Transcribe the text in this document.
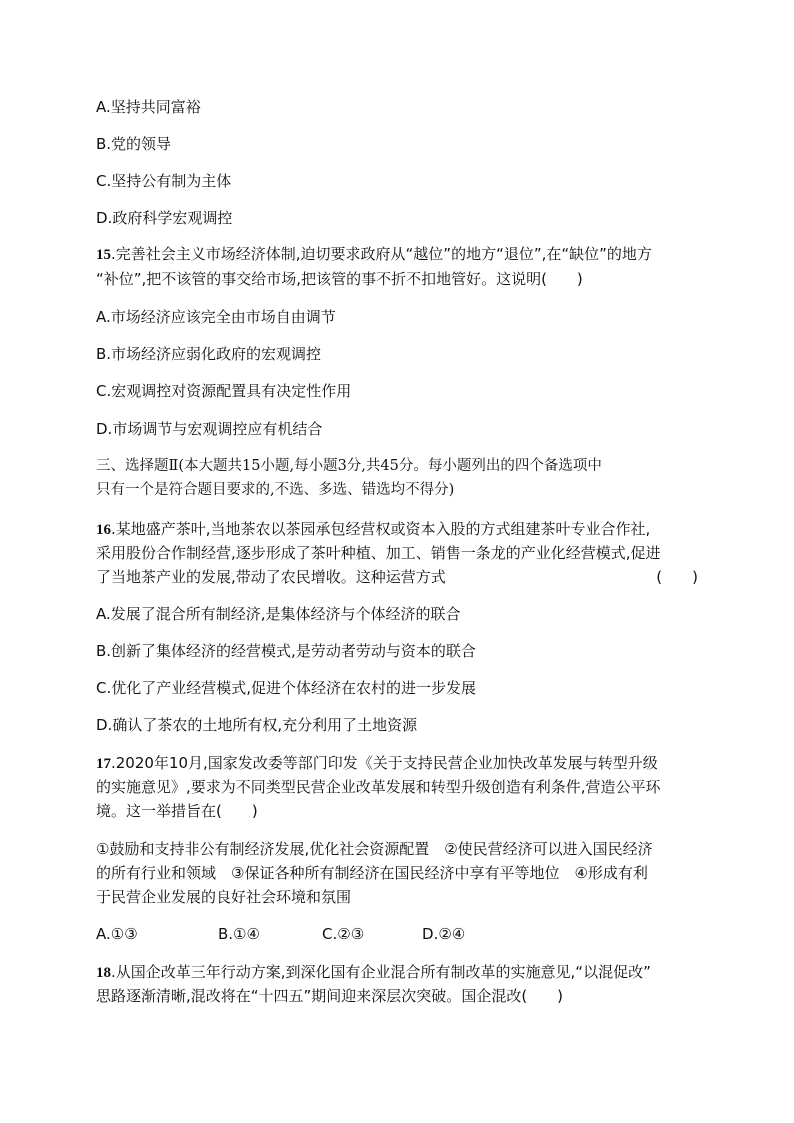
A.坚持共同富裕
B.党的领导
C.坚持公有制为主体
D.政府科学宏观调控
15.完善社会主义市场经济体制,迫切要求政府从“越位”的地方“退位”,在“缺位”的地方
“补位”,把不该管的事交给市场,把该管的事不折不扣地管好。这说明(　　)
A.市场经济应该完全由市场自由调节
B.市场经济应弱化政府的宏观调控
C.宏观调控对资源配置具有决定性作用
D.市场调节与宏观调控应有机结合
三、选择题Ⅱ(本大题共15小题,每小题3分,共45分。每小题列出的四个备选项中
只有一个是符合题目要求的,不选、多选、错选均不得分)
16.某地盛产茶叶,当地茶农以茶园承包经营权或资本入股的方式组建茶叶专业合作社,
采用股份合作制经营,逐步形成了茶叶种植、加工、销售一条龙的产业化经营模式,促进
了当地茶产业的发展,带动了农民增收。这种运营方式	(　　)
A.发展了混合所有制经济,是集体经济与个体经济的联合
B.创新了集体经济的经营模式,是劳动者劳动与资本的联合
C.优化了产业经营模式,促进个体经济在农村的进一步发展
D.确认了茶农的土地所有权,充分利用了土地资源
17.2020年10月,国家发改委等部门印发《关于支持民营企业加快改革发展与转型升级
的实施意见》,要求为不同类型民营企业改革发展和转型升级创造有利条件,营造公平环
境。这一举措旨在(　　)
①鼓励和支持非公有制经济发展,优化社会资源配置　②使民营经济可以进入国民经济
的所有行业和领域　③保证各种所有制经济在国民经济中享有平等地位　④形成有利
于民营企业发展的良好社会环境和氛围
A.①③	B.①④	C.②③	D.②④
18.从国企改革三年行动方案,到深化国有企业混合所有制改革的实施意见,“以混促改”
思路逐渐清晰,混改将在“十四五”期间迎来深层次突破。国企混改(　　)
